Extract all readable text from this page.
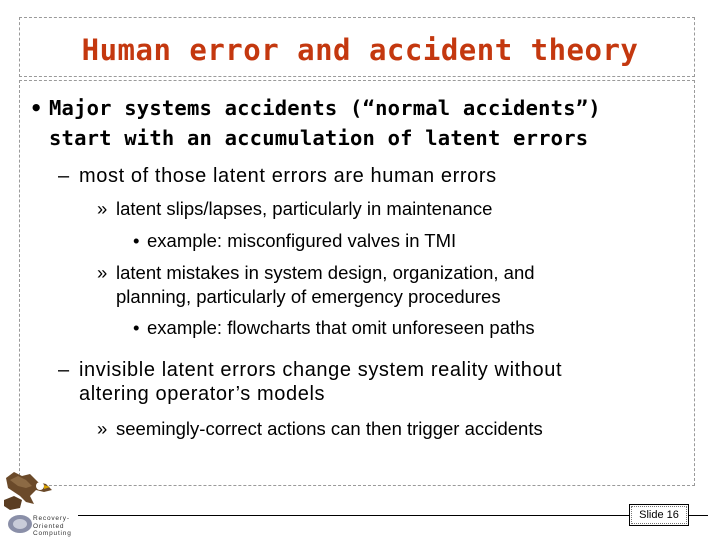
Human error and accident theory
• Major systems accidents (“normal accidents”)
start with an accumulation of latent errors
– most of those latent errors are human errors
» latent slips/lapses, particularly in maintenance
• example: misconfigured valves in TMI
» latent mistakes in system design, organization, and
planning, particularly of emergency procedures
• example: flowcharts that omit unforeseen paths
– invisible latent errors change system reality without
altering operator’s models
» seemingly-correct actions can then trigger accidents
Slide 16
Recovery-
Oriented
Computing
